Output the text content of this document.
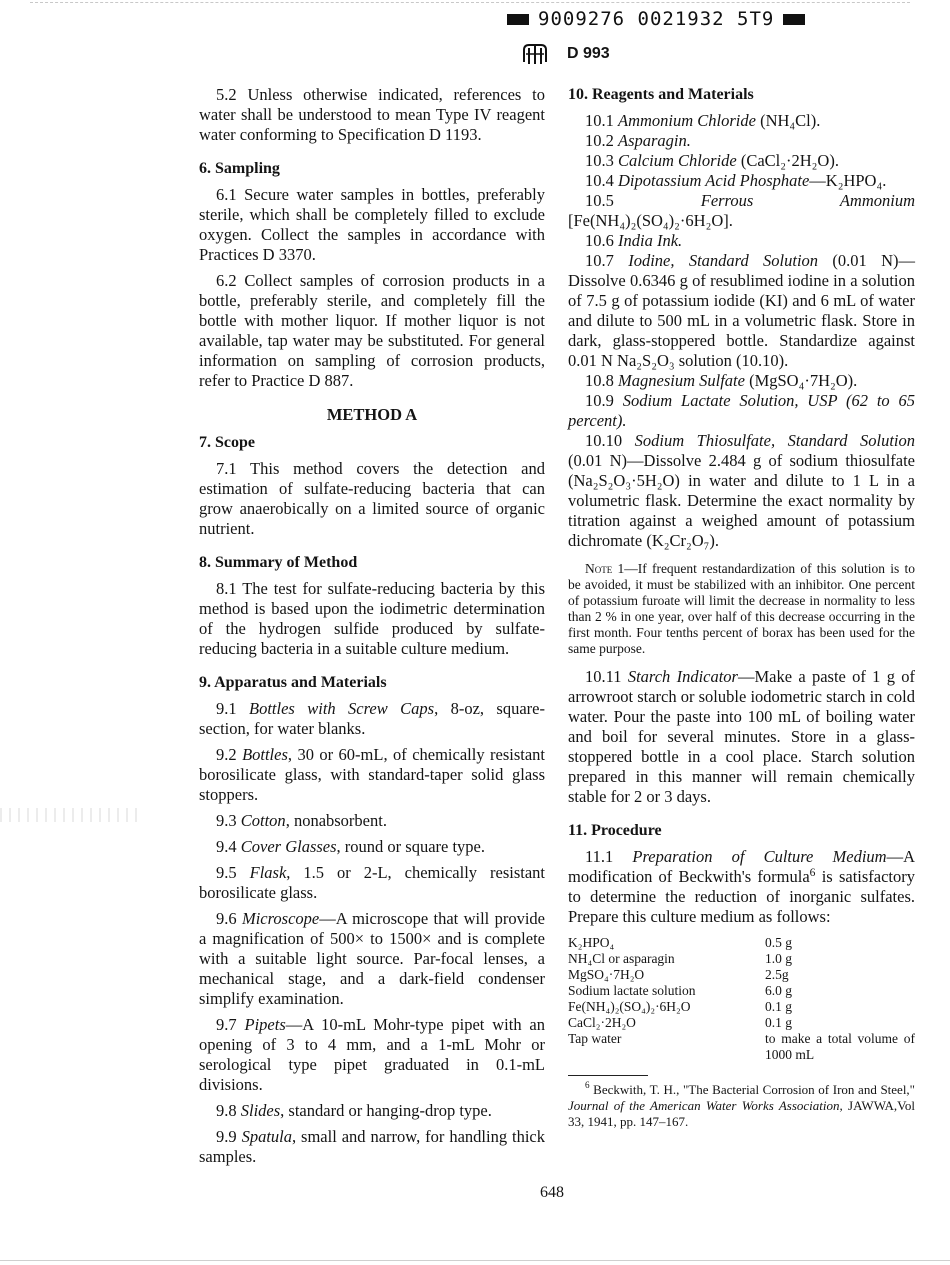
9009276 0021932 5T9
D 993

5.2 Unless otherwise indicated, references to water shall be understood to mean Type IV reagent water conforming to Specification D 1193.

6. Sampling

6.1 Secure water samples in bottles, preferably sterile, which shall be completely filled to exclude oxygen. Collect the samples in accordance with Practices D 3370.

6.2 Collect samples of corrosion products in a bottle, preferably sterile, and completely fill the bottle with mother liquor. If mother liquor is not available, tap water may be substituted. For general information on sampling of corrosion products, refer to Practice D 887.

METHOD A

7. Scope

7.1 This method covers the detection and estimation of sulfate-reducing bacteria that can grow anaerobically on a limited source of organic nutrient.

8. Summary of Method

8.1 The test for sulfate-reducing bacteria by this method is based upon the iodimetric determination of the hydrogen sulfide produced by sulfate-reducing bacteria in a suitable culture medium.

9. Apparatus and Materials

9.1 Bottles with Screw Caps, 8-oz, square-section, for water blanks.

9.2 Bottles, 30 or 60-mL, of chemically resistant borosilicate glass, with standard-taper solid glass stoppers.

9.3 Cotton, nonabsorbent.

9.4 Cover Glasses, round or square type.

9.5 Flask, 1.5 or 2-L, chemically resistant borosilicate glass.

9.6 Microscope—A microscope that will provide a magnification of 500× to 1500× and is complete with a suitable light source. Par-focal lenses, a mechanical stage, and a dark-field condenser simplify examination.

9.7 Pipets—A 10-mL Mohr-type pipet with an opening of 3 to 4 mm, and a 1-mL Mohr or serological type pipet graduated in 0.1-mL divisions.

9.8 Slides, standard or hanging-drop type.

9.9 Spatula, small and narrow, for handling thick samples.

10. Reagents and Materials

10.1 Ammonium Chloride (NH₄Cl).

10.2 Asparagin.

10.3 Calcium Chloride (CaCl₂·2H₂O).

10.4 Dipotassium Acid Phosphate—K₂HPO₄.

10.5	Ferrous Ammonium [Fe(NH₄)₂(SO₄)₂·6H₂O].

10.6 India Ink.

10.7 Iodine, Standard Solution (0.01 N)—Dissolve 0.6346 g of resublimed iodine in a solution of 7.5 g of potassium iodide (KI) and 6 mL of water and dilute to 500 mL in a volumetric flask. Store in dark, glass-stoppered bottle. Standardize against 0.01 N Na₂S₂O₃ solution (10.10).

10.8 Magnesium Sulfate (MgSO₄·7H₂O).

10.9 Sodium Lactate Solution, USP (62 to 65 percent).

10.10 Sodium Thiosulfate, Standard Solution (0.01 N)—Dissolve 2.484 g of sodium thiosulfate (Na₂S₂O₃·5H₂O) in water and dilute to 1 L in a volumetric flask. Determine the exact normality by titration against a weighed amount of potassium dichromate (K₂Cr₂O₇).

Note 1—If frequent restandardization of this solution is to be avoided, it must be stabilized with an inhibitor. One percent of potassium furoate will limit the decrease in normality to less than 2 % in one year, over half of this decrease occurring in the first month. Four tenths percent of borax has been used for the same purpose.

10.11 Starch Indicator—Make a paste of 1 g of arrowroot starch or soluble iodometric starch in cold water. Pour the paste into 100 mL of boiling water and boil for several minutes. Store in a glass-stoppered bottle in a cool place. Starch solution prepared in this manner will remain chemically stable for 2 or 3 days.

11. Procedure

11.1 Preparation of Culture Medium—A modification of Beckwith's formula$^6$ is satisfactory to determine the reduction of inorganic sulfates. Prepare this culture medium as follows:

K₂HPO₄	0.5 g
NH₄Cl or asparagin	1.0 g
MgSO₄·7H₂O	2.5g
Sodium lactate solution	6.0 g
Fe(NH₄)₂(SO₄)₂·6H₂O	0.1 g
CaCl₂·2H₂O	0.1 g
Tap water	to make a total volume of 1000 mL

$^6$ Beckwith, T. H., "The Bacterial Corrosion of Iron and Steel," Journal of the American Water Works Association, JAWWA,Vol 33, 1941, pp. 147–167.

648
